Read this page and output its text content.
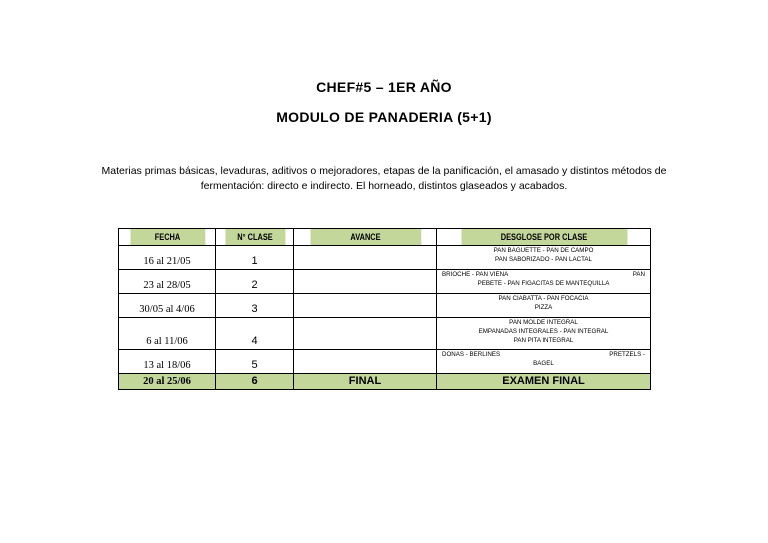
CHEF#5 – 1ER AÑO
MODULO DE PANADERIA (5+1)
Materias primas básicas, levaduras, aditivos o mejoradores, etapas de la panificación, el amasado y distintos métodos de
fermentación: directo e indirecto. El horneado, distintos glaseados y acabados.
FECHA	N° CLASE	AVANCE	DESGLOSE POR CLASE
16 al 21/05	1		PAN BAGUETTE - PAN DE CAMPO
PAN SABORIZADO - PAN LACTAL

23 al 28/05	2		BRIOCHE - PAN VIENA PAN
PEBETE - PAN FIGACITAS DE MANTEQUILLA

30/05 al 4/06	3		PAN CIABATTA - PAN FOCACIA
PIZZA

6 al 11/06	4		PAN MOLDE INTEGRAL
EMPANADAS INTEGRALES - PAN INTEGRAL
PAN PITA INTEGRAL

13 al 18/06	5		DONAS - BERLINES PRETZELS -
BAGEL

20 al 25/06	6	FINAL	EXAMEN FINAL
